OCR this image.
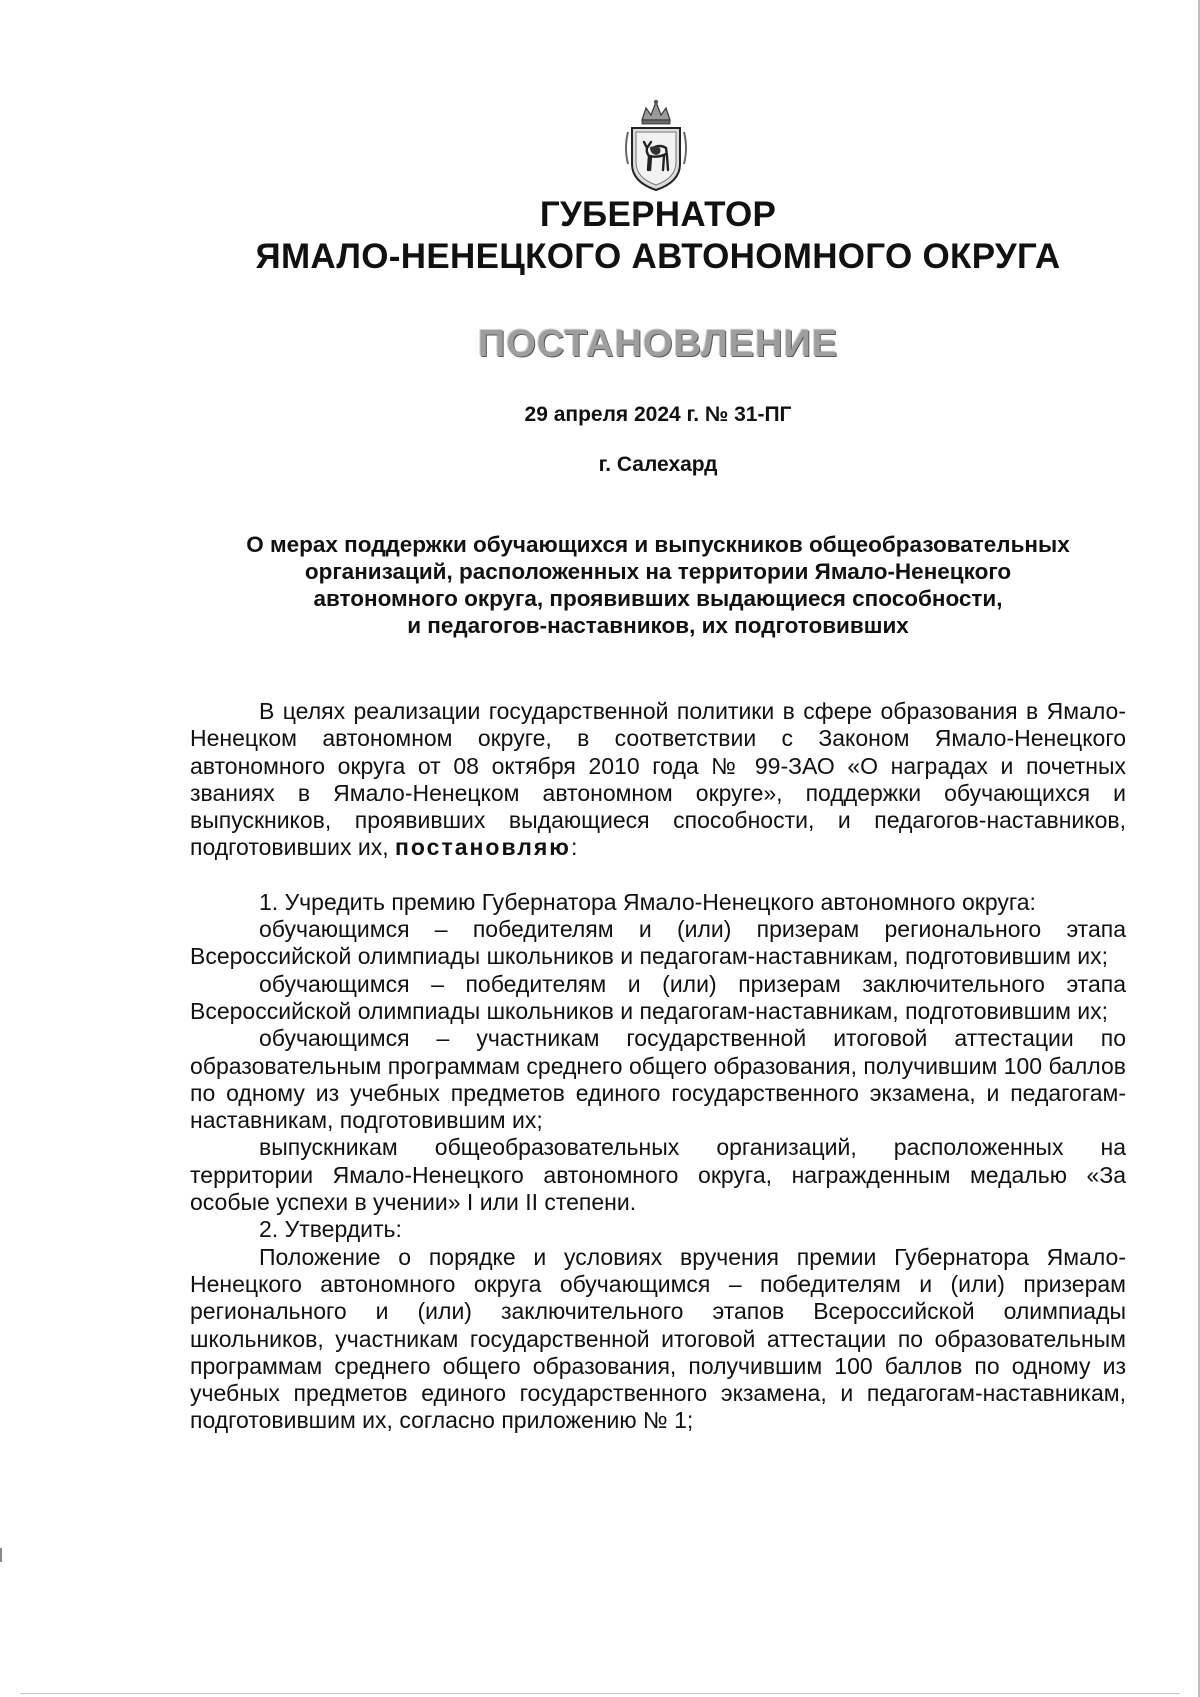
ГУБЕРНАТОР
ЯМАЛО-НЕНЕЦКОГО АВТОНОМНОГО ОКРУГА
ПОСТАНОВЛЕНИЕ
29 апреля 2024 г. № 31-ПГ
г. Салехард
О мерах поддержки обучающихся и выпускников общеобразовательных
организаций, расположенных на территории Ямало-Ненецкого
автономного округа, проявивших выдающиеся способности,
и педагогов-наставников, их подготовивших

В целях реализации государственной политики в сфере образования в Ямало-Ненецком автономном округе, в соответствии с Законом Ямало-Ненецкого автономного округа от 08 октября 2010 года № 99-ЗАО «О наградах и почетных званиях в Ямало-Ненецком автономном округе», поддержки обучающихся и выпускников, проявивших выдающиеся способности, и педагогов-наставников, подготовивших их, постановляю:

1. Учредить премию Губернатора Ямало-Ненецкого автономного округа:

обучающимся – победителям и (или) призерам регионального этапа Всероссийской олимпиады школьников и педагогам-наставникам, подготовившим их;

обучающимся – победителям и (или) призерам заключительного этапа Всероссийской олимпиады школьников и педагогам-наставникам, подготовившим их;

обучающимся – участникам государственной итоговой аттестации по образовательным программам среднего общего образования, получившим 100 баллов по одному из учебных предметов единого государственного экзамена, и педагогам-наставникам, подготовившим их;

выпускникам общеобразовательных организаций, расположенных на территории Ямало-Ненецкого автономного округа, награжденным медалью «За особые успехи в учении» I или II степени.

2. Утвердить:

Положение о порядке и условиях вручения премии Губернатора Ямало-Ненецкого автономного округа обучающимся – победителям и (или) призерам регионального и (или) заключительного этапов Всероссийской олимпиады школьников, участникам государственной итоговой аттестации по образовательным программам среднего общего образования, получившим 100 баллов по одному из учебных предметов единого государственного экзамена, и педагогам-наставникам, подготовившим их, согласно приложению № 1;
